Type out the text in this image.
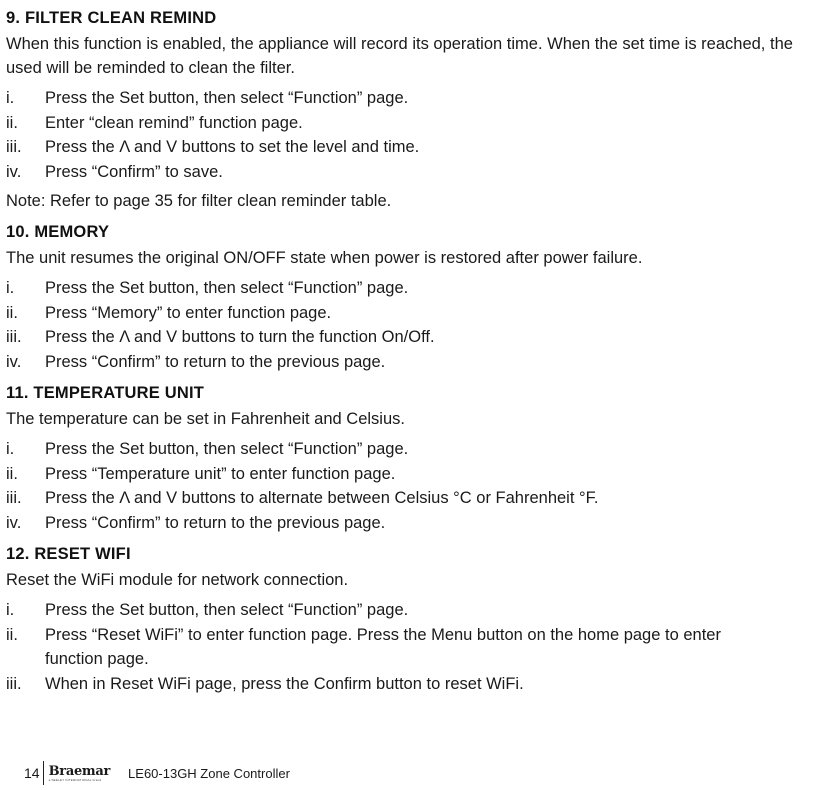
9. FILTER CLEAN REMIND

When this function is enabled, the appliance will record its operation time. When the set time is reached, the used will be reminded to clean the filter.

i.	Press the Set button, then select “Function” page.
ii.	Enter “clean remind” function page.
iii.	Press the Λ and V buttons to set the level and time.
iv.	Press “Confirm” to save.

Note: Refer to page 35 for filter clean reminder table.

10. MEMORY

The unit resumes the original ON/OFF state when power is restored after power failure.

i.	Press the Set button, then select “Function” page.
ii.	Press “Memory” to enter function page.
iii.	Press the Λ and V buttons to turn the function On/Off.
iv.	Press “Confirm” to return to the previous page.
11. TEMPERATURE UNIT

The temperature can be set in Fahrenheit and Celsius.

i.	Press the Set button, then select “Function” page.
ii.	Press “Temperature unit” to enter function page.
iii.	Press the Λ and V buttons to alternate between Celsius °C or Fahrenheit °F.
iv.	Press “Confirm” to return to the previous page.
12. RESET WIFI

Reset the WiFi module for network connection.

i.	Press the Set button, then select “Function” page.
ii.	Press “Reset WiFi” to enter function page. Press the Menu button on the home page to enter function page.
iii.	When in Reset WiFi page, press the Confirm button to reset WiFi.
14 Braemar
a SEELEY INTERNATIONAL brand LE60-13GH Zone Controller
